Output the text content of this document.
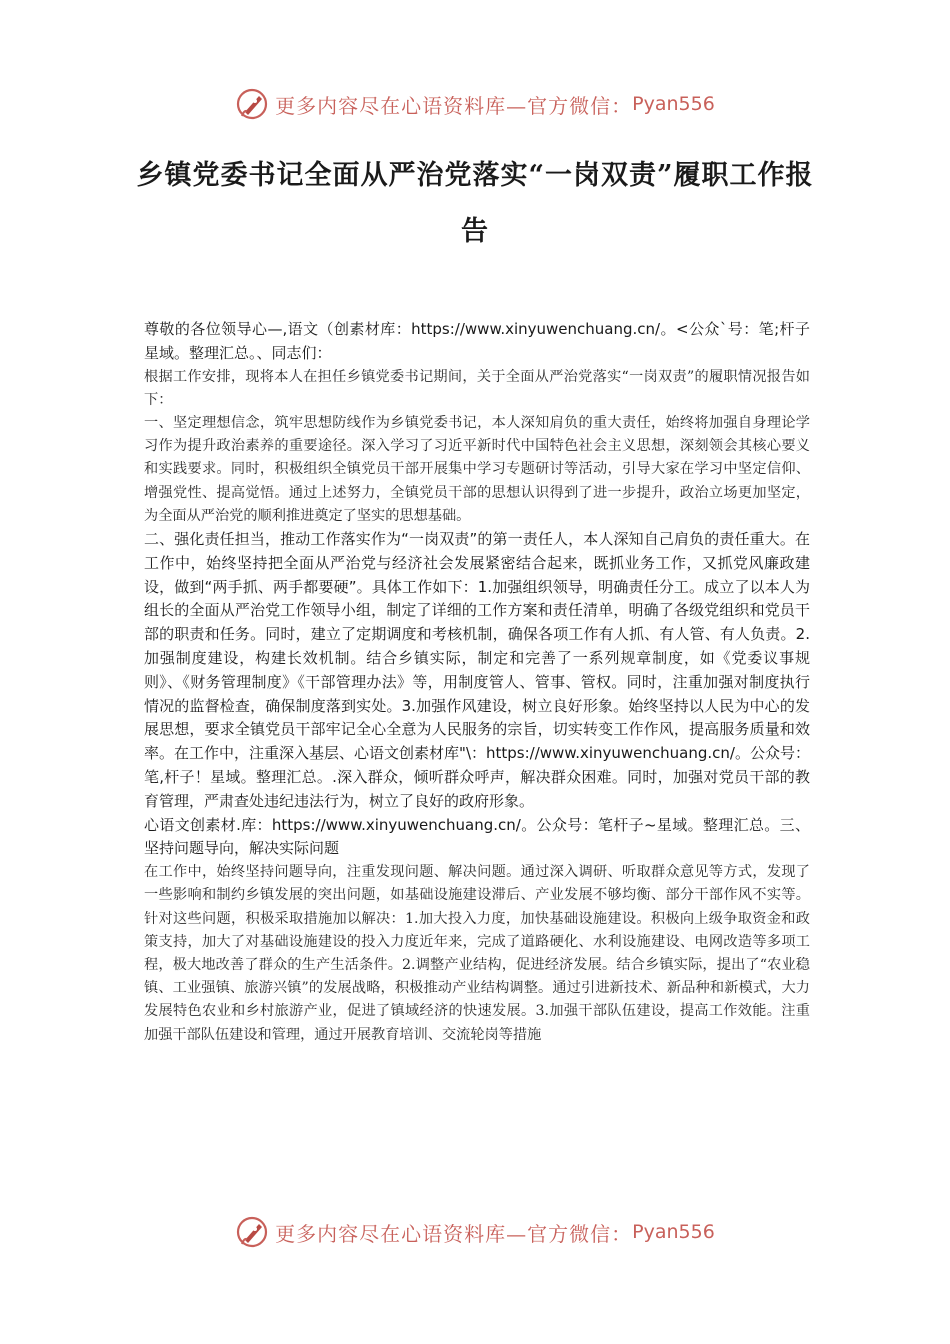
更多内容尽在心语资料库—官方微信： Pyan556
乡镇党委书记全面从严治党落实“一岗双责”履职工作报告

尊敬的各位领导心—,语文（创素材库：https://www.xinyuwenchuang.cn/。<公众`号：笔;杆子星域。整理汇总。、同志们：

根据工作安排，现将本人在担任乡镇党委书记期间，关于全面从严治党落实“一岗双责”的履职情况报告如下：

一、坚定理想信念，筑牢思想防线作为乡镇党委书记，本人深知肩负的重大责任，始终将加强自身理论学习作为提升政治素养的重要途径。深入学习了习近平新时代中国特色社会主义思想，深刻领会其核心要义和实践要求。同时，积极组织全镇党员干部开展集中学习专题研讨等活动，引导大家在学习中坚定信仰、增强党性、提高觉悟。通过上述努力，全镇党员干部的思想认识得到了进一步提升，政治立场更加坚定，为全面从严治党的顺利推进奠定了坚实的思想基础。

二、强化责任担当，推动工作落实作为“一岗双责”的第一责任人，本人深知自己肩负的责任重大。在工作中，始终坚持把全面从严治党与经济社会发展紧密结合起来，既抓业务工作，又抓党风廉政建设，做到“两手抓、两手都要硬”。具体工作如下：1.加强组织领导，明确责任分工。成立了以本人为组长的全面从严治党工作领导小组，制定了详细的工作方案和责任清单，明确了各级党组织和党员干部的职责和任务。同时，建立了定期调度和考核机制，确保各项工作有人抓、有人管、有人负责。2.加强制度建设，构建长效机制。结合乡镇实际，制定和完善了一系列规章制度，如《党委议事规则》、《财务管理制度》《干部管理办法》等，用制度管人、管事、管权。同时，注重加强对制度执行情况的监督检查，确保制度落到实处。3.加强作风建设，树立良好形象。始终坚持以人民为中心的发展思想，要求全镇党员干部牢记全心全意为人民服务的宗旨，切实转变工作作风，提高服务质量和效率。在工作中，注重深入基层、心语文创素材库"\：https://www.xinyuwenchuang.cn/。公众号：笔,杆子！星域。整理汇总。.深入群众，倾听群众呼声，解决群众困难。同时，加强对党员干部的教育管理，严肃查处违纪违法行为，树立了良好的政府形象。

心语文创素材.库：https://www.xinyuwenchuang.cn/。公众号：笔杆子~星域。整理汇总。三、坚持问题导向，解决实际问题

在工作中，始终坚持问题导向，注重发现问题、解决问题。通过深入调研、听取群众意见等方式，发现了一些影响和制约乡镇发展的突出问题，如基础设施建设滞后、产业发展不够均衡、部分干部作风不实等。针对这些问题，积极采取措施加以解决：1.加大投入力度，加快基础设施建设。积极向上级争取资金和政策支持，加大了对基础设施建设的投入力度近年来，完成了道路硬化、水利设施建设、电网改造等多项工程，极大地改善了群众的生产生活条件。2.调整产业结构，促进经济发展。结合乡镇实际，提出了“农业稳镇、工业强镇、旅游兴镇”的发展战略，积极推动产业结构调整。通过引进新技术、新品种和新模式，大力发展特色农业和乡村旅游产业，促进了镇域经济的快速发展。3.加强干部队伍建设，提高工作效能。注重加强干部队伍建设和管理，通过开展教育培训、交流轮岗等措施

更多内容尽在心语资料库—官方微信： Pyan556
